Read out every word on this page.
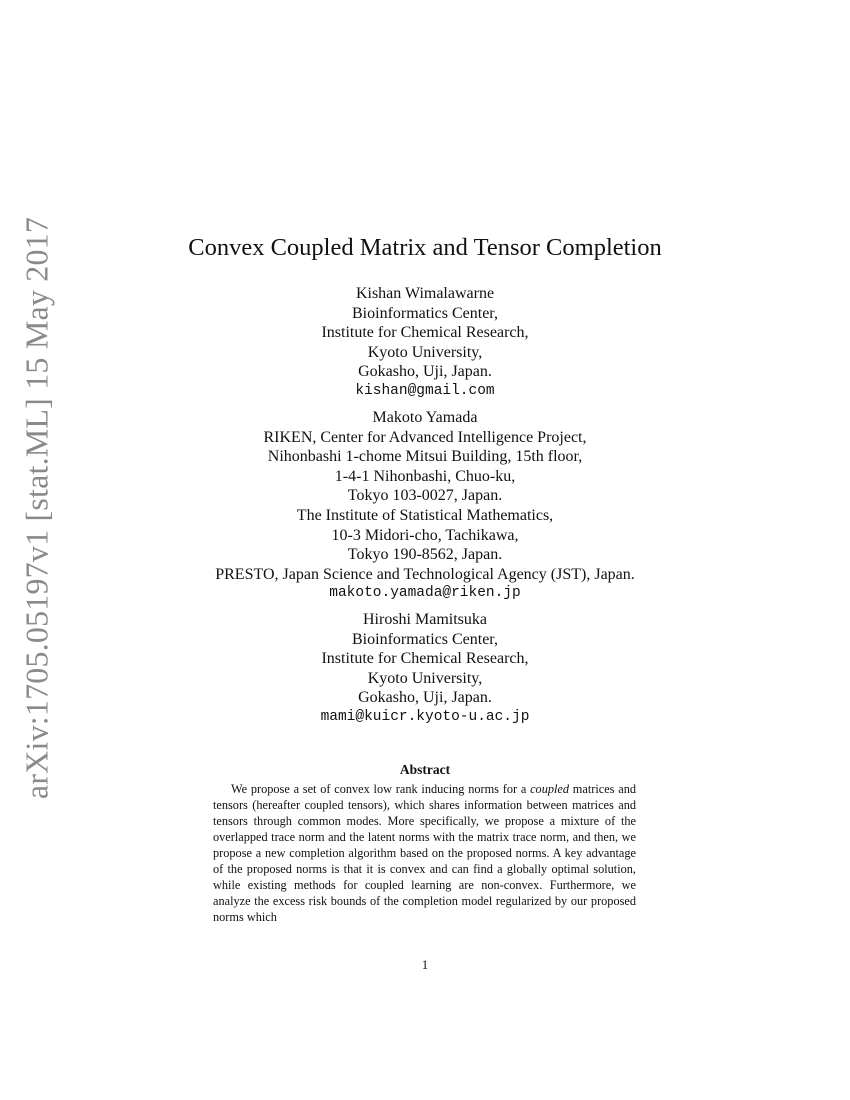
arXiv:1705.05197v1 [stat.ML] 15 May 2017	Convex Coupled Matrix and Tensor Completion
Kishan Wimalawarne
Bioinformatics Center,
Institute for Chemical Research,
Kyoto University,
Gokasho, Uji, Japan.
kishan@gmail.com
Makoto Yamada
RIKEN, Center for Advanced Intelligence Project,
Nihonbashi 1-chome Mitsui Building, 15th floor,
1-4-1 Nihonbashi, Chuo-ku,
Tokyo 103-0027, Japan.
The Institute of Statistical Mathematics,
10-3 Midori-cho, Tachikawa,
Tokyo 190-8562, Japan.
PRESTO, Japan Science and Technological Agency (JST), Japan.
makoto.yamada@riken.jp
Hiroshi Mamitsuka
Bioinformatics Center,
Institute for Chemical Research,
Kyoto University,
Gokasho, Uji, Japan.
mami@kuicr.kyoto-u.ac.jp
Abstract

We propose a set of convex low rank inducing norms for a coupled matrices and tensors (hereafter coupled tensors), which shares information between matrices and tensors through common modes. More specifically, we propose a mixture of the overlapped trace norm and the latent norms with the matrix trace norm, and then, we propose a new completion algorithm based on the proposed norms. A key advantage of the proposed norms is that it is convex and can find a globally optimal solution, while existing methods for coupled learning are non-convex. Furthermore, we analyze the excess risk bounds of the completion model regularized by our proposed norms which

1
